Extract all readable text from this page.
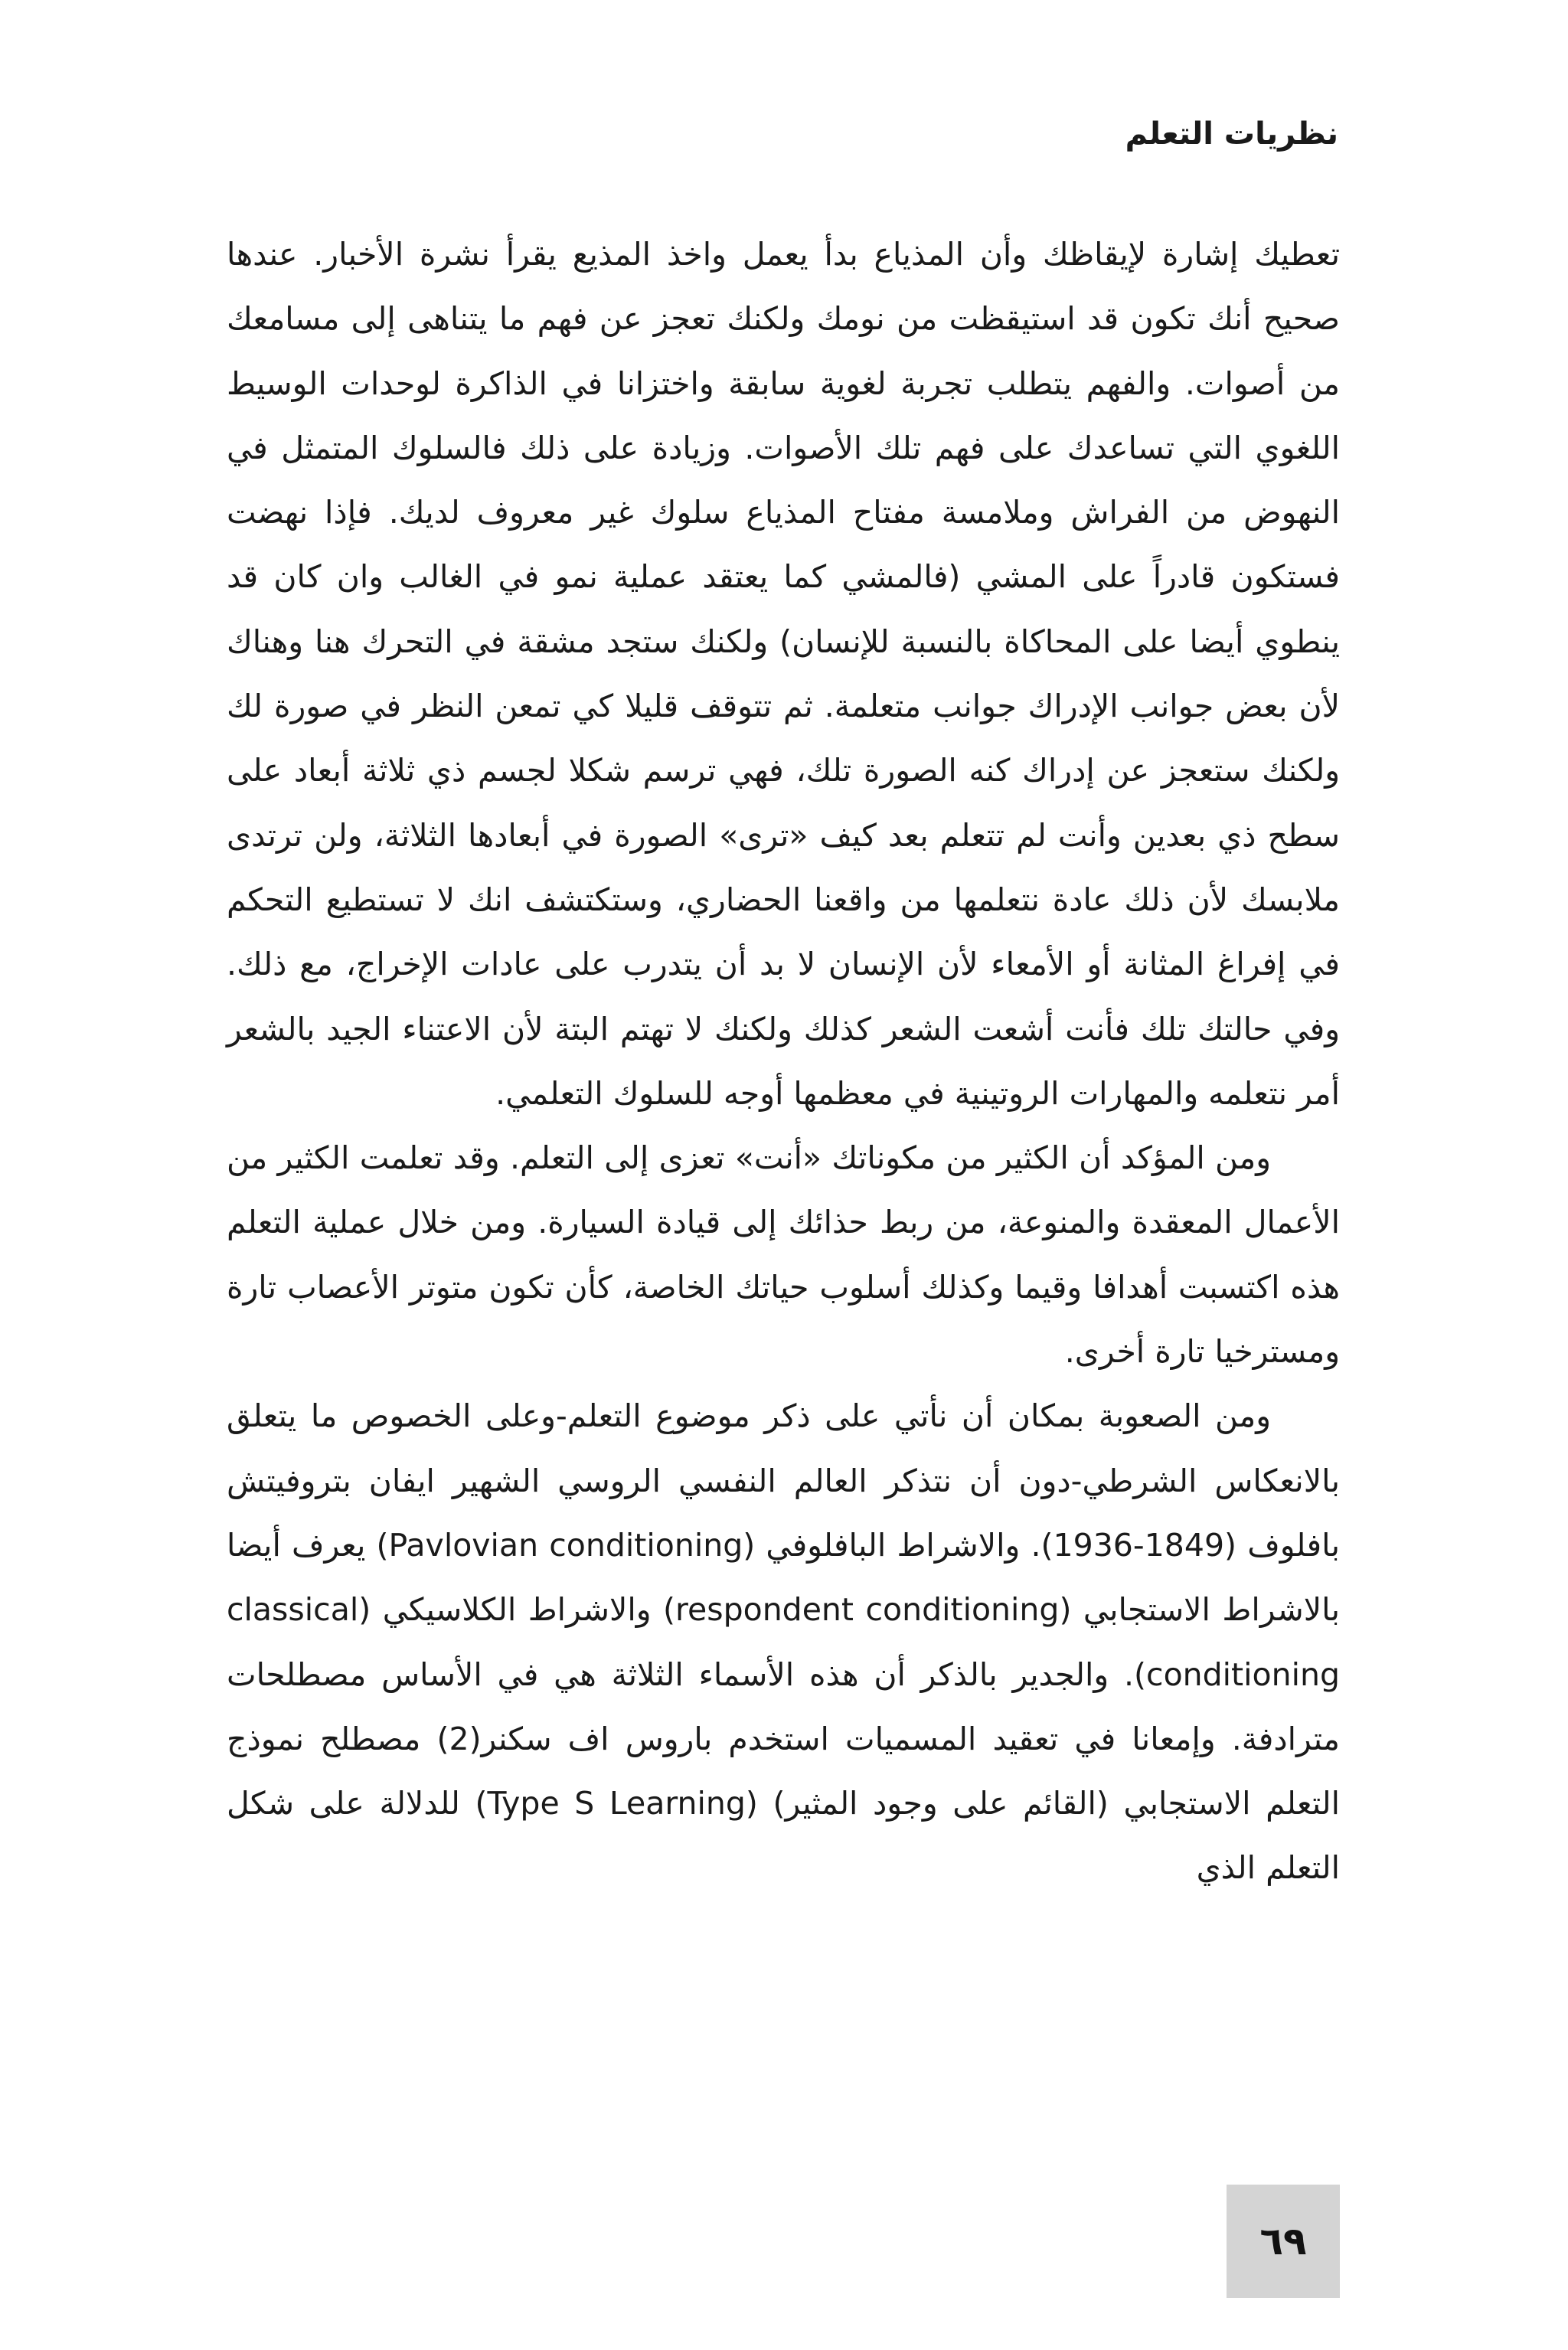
نظريات التعلم

تعطيك إشارة لإيقاظك وأن المذياع بدأ يعمل واخذ المذيع يقرأ نشرة الأخبار. عندها صحيح أنك تكون قد استيقظت من نومك ولكنك تعجز عن فهم ما يتناهى إلى مسامعك من أصوات. والفهم يتطلب تجربة لغوية سابقة واختزانا في الذاكرة لوحدات الوسيط اللغوي التي تساعدك على فهم تلك الأصوات. وزيادة على ذلك فالسلوك المتمثل في النهوض من الفراش وملامسة مفتاح المذياع سلوك غير معروف لديك. فإذا نهضت فستكون قادراً على المشي (فالمشي كما يعتقد عملية نمو في الغالب وان كان قد ينطوي أيضا على المحاكاة بالنسبة للإنسان) ولكنك ستجد مشقة في التحرك هنا وهناك لأن بعض جوانب الإدراك جوانب متعلمة. ثم تتوقف قليلا كي تمعن النظر في صورة لك ولكنك ستعجز عن إدراك كنه الصورة تلك، فهي ترسم شكلا لجسم ذي ثلاثة أبعاد على سطح ذي بعدين وأنت لم تتعلم بعد كيف «ترى» الصورة في أبعادها الثلاثة، ولن ترتدى ملابسك لأن ذلك عادة نتعلمها من واقعنا الحضاري، وستكتشف انك لا تستطيع التحكم في إفراغ المثانة أو الأمعاء لأن الإنسان لا بد أن يتدرب على عادات الإخراج، مع ذلك. وفي حالتك تلك فأنت أشعت الشعر كذلك ولكنك لا تهتم البتة لأن الاعتناء الجيد بالشعر أمر نتعلمه والمهارات الروتينية في معظمها أوجه للسلوك التعلمي.

ومن المؤكد أن الكثير من مكوناتك «أنت» تعزى إلى التعلم. وقد تعلمت الكثير من الأعمال المعقدة والمنوعة، من ربط حذائك إلى قيادة السيارة. ومن خلال عملية التعلم هذه اكتسبت أهدافا وقيما وكذلك أسلوب حياتك الخاصة، كأن تكون متوتر الأعصاب تارة ومسترخيا تارة أخرى.

ومن الصعوبة بمكان أن نأتي على ذكر موضوع التعلم-وعلى الخصوص ما يتعلق بالانعكاس الشرطي-دون أن نتذكر العالم النفسي الروسي الشهير ايفان بتروفيتش بافلوف (1849-1936). والاشراط البافلوفي (Pavlovian conditioning) يعرف أيضا بالاشراط الاستجابي (respondent conditioning) والاشراط الكلاسيكي (classical conditioning). والجدير بالذكر أن هذه الأسماء الثلاثة هي في الأساس مصطلحات مترادفة. وإمعانا في تعقيد المسميات استخدم باروس اف سكنر(2) مصطلح نموذج التعلم الاستجابي (القائم على وجود المثير) (Type S Learning) للدلالة على شكل التعلم الذي

٦٩
